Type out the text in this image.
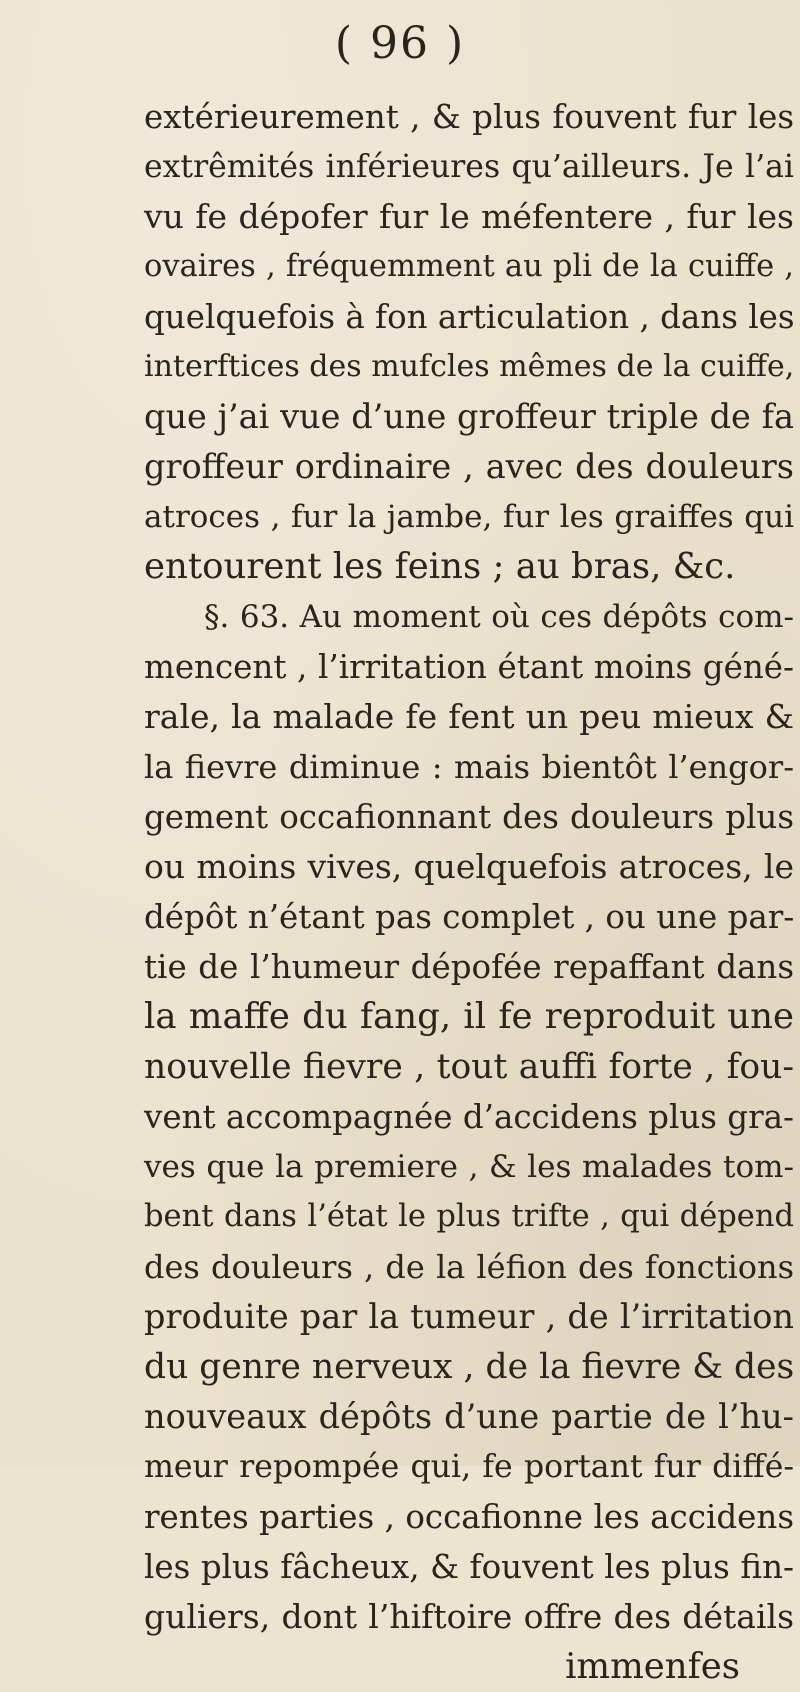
( 96 )
extérieurement , & plus fouvent fur les
extrêmités inférieures qu’ailleurs. Je l’ai
vu fe dépofer fur le méfentere , fur les
ovaires , fréquemment au pli de la cuiffe ,
quelquefois à fon articulation , dans les
interftices des mufcles mêmes de la cuiffe,
que j’ai vue d’une groffeur triple de fa
groffeur ordinaire , avec des douleurs
atroces , fur la jambe, fur les graiffes qui
entourent les feins ; au bras, &c.
§. 63. Au moment où ces dépôts com-
mencent , l’irritation étant moins géné-
rale, la malade fe fent un peu mieux &
la fievre diminue : mais bientôt l’engor-
gement occafionnant des douleurs plus
ou moins vives, quelquefois atroces, le
dépôt n’étant pas complet , ou une par-
tie de l’humeur dépofée repaffant dans
la maffe du fang, il fe reproduit une
nouvelle fievre , tout auffi forte , fou-
vent accompagnée d’accidens plus gra-
ves que la premiere , & les malades tom-
bent dans l’état le plus trifte , qui dépend
des douleurs , de la léfion des fonctions
produite par la tumeur , de l’irritation
du genre nerveux , de la fievre & des
nouveaux dépôts d’une partie de l’hu-
meur repompée qui, fe portant fur diffé-
rentes parties , occafionne les accidens
les plus fâcheux, & fouvent les plus fin-
guliers, dont l’hiftoire offre des détails
immenfes
